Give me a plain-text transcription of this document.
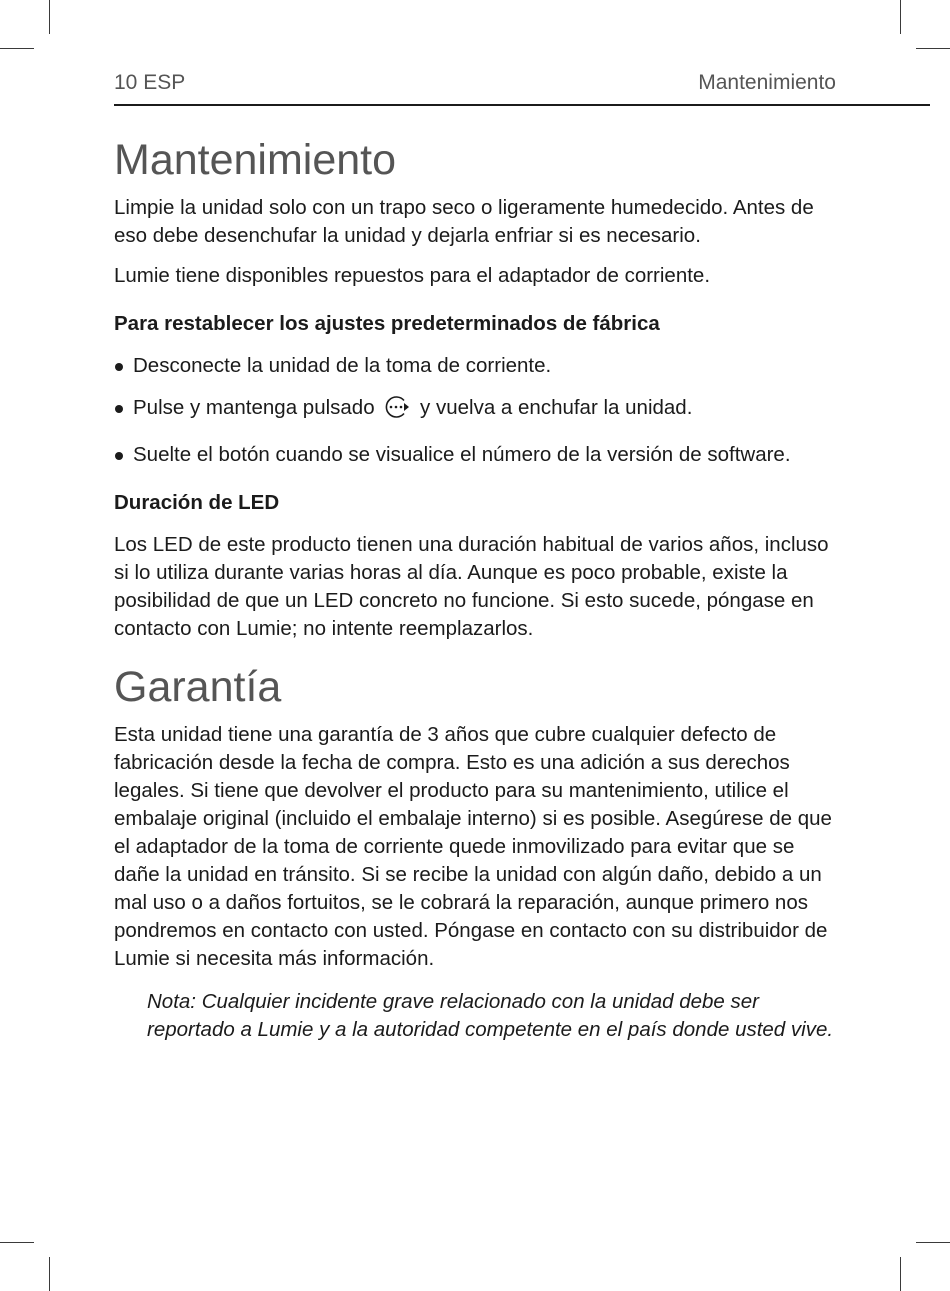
10 ESP	Mantenimiento
Mantenimiento

Limpie la unidad solo con un trapo seco o ligeramente humedecido. Antes de eso debe desenchufar la unidad y dejarla enfriar si es necesario.

Lumie tiene disponibles repuestos para el adaptador de corriente.

Para restablecer los ajustes predeterminados de fábrica
Desconecte la unidad de la toma de corriente.
Pulse y mantenga pulsado y vuelva a enchufar la unidad.
Suelte el botón cuando se visualice el número de la versión de software.
Duración de LED

Los LED de este producto tienen una duración habitual de varios años, incluso si lo utiliza durante varias horas al día. Aunque es poco probable, existe la posibilidad de que un LED concreto no funcione. Si esto sucede, póngase en contacto con Lumie; no intente reemplazarlos.

Garantía

Esta unidad tiene una garantía de 3 años que cubre cualquier defecto de fabricación desde la fecha de compra. Esto es una adición a sus derechos legales. Si tiene que devolver el producto para su mantenimiento, utilice el embalaje original (incluido el embalaje interno) si es posible. Asegúrese de que el adaptador de la toma de corriente quede inmovilizado para evitar que se dañe la unidad en tránsito. Si se recibe la unidad con algún daño, debido a un mal uso o a daños fortuitos, se le cobrará la reparación, aunque primero nos pondremos en contacto con usted. Póngase en contacto con su distribuidor de Lumie si necesita más información.

Nota: Cualquier incidente grave relacionado con la unidad debe ser reportado a Lumie y a la autoridad competente en el país donde usted vive.
